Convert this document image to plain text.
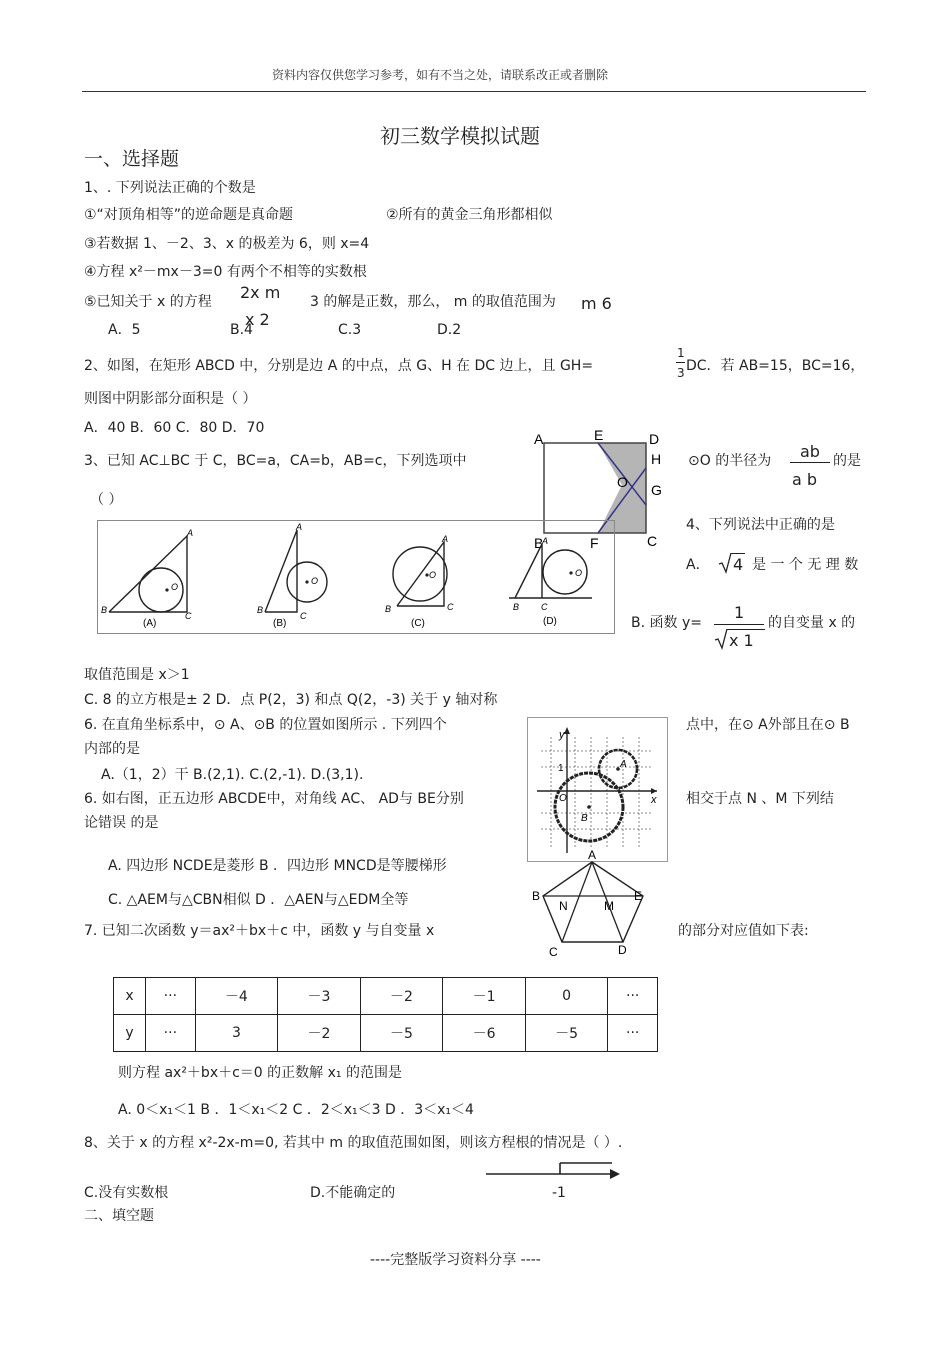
资料内容仅供您学习参考，如有不当之处，请联系改正或者删除
初三数学模拟试题
一、选择题
1、. 下列说法正确的个数是
①“对顶角相等”的逆命题是真命题	②所有的黄金三角形都相似
③若数据 1、－2、3、x 的极差为 6，则 x=4
④方程 x²－mx－3=0 有两个不相等的实数根
⑤已知关于 x 的方程 2x m
x 2
3 的解是正数，那么， m 的取值范围为 m 6
A．5	B.4	C.3	D.2
2、如图，在矩形 ABCD 中，分别是边 A 的中点，点 G、H 在 DC 边上，且 GH=
1
3 DC．若 AB=15，BC=16，
则图中阴影部分面积是（ ）
A．40 B．60 C．80 D．70
A	E	D
H
O G
B	F	C
3、已知 AC⊥BC 于 C，BC=a，CA=b，AB=c，下列选项中	⊙O 的半径为 ab
a b
的是
（ ）
A
B
C
O
(A)
A
B
C
O
(B)
A
B	C
O
(C)
A
B C
O
(D)
4、下列说法中正确的是
A． 4 是 一 个 无 理 数
B. 函数 y=
1
x 1
的自变量 x 的
取值范围是 x＞1
C. 8 的立方根是± 2 D．点 P(2，3) 和点 Q(2，-3) 关于 y 轴对称
6. 在直角坐标系中，⊙ A、⊙B 的位置如图所示 . 下列四个	点中，在⊙ A外部且在⊙ B
内部的是
A.（1，2）干 B.(2,1). C.(2,-1). D.(3,1).
y
x
1
O
A
B
6. 如右图，正五边形 ABCDE中，对角线 AC、 AD与 BE分别	相交于点 N 、M 下列结
论错误 的是
A. 四边形 NCDE是菱形 B ．四边形 MNCD是等腰梯形
C. △AEM与△CBN相似 D ．△AEN与△EDM全等
A
B	E
N	M
C	D
7. 已知二次函数 y＝ax²＋bx＋c 中，函数 y 与自变量 x	的部分对应值如下表:
x	···	－4	－3	－2	－1	0	···
y	···	3	－2	－5	－6	－5	···
则方程 ax²＋bx＋c＝0 的正数解 x₁ 的范围是
A. 0＜x₁＜1 B ．1＜x₁＜2 C ．2＜x₁＜3 D ．3＜x₁＜4
8、关于 x 的方程 x²-2x-m=0, 若其中 m 的取值范围如图，则该方程根的情况是（ ）.
C.没有实数根	D.不能确定的	-1
二、填空题
----完整版学习资料分享 ----
